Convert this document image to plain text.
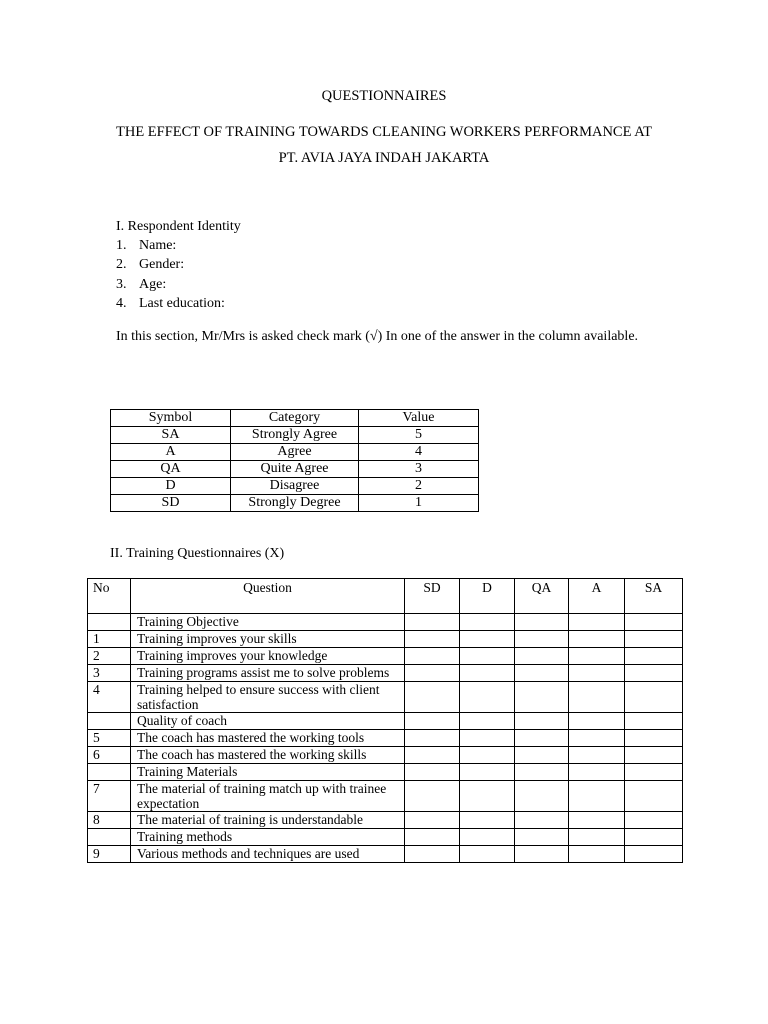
QUESTIONNAIRES
THE EFFECT OF TRAINING TOWARDS CLEANING WORKERS PERFORMANCE AT
PT. AVIA JAYA INDAH JAKARTA
I. Respondent Identity
1. Name:
2. Gender:
3. Age:
4. Last education:
In this section, Mr/Mrs is asked check mark (√) In one of the answer in the column available.
Symbol	Category	Value
SA	Strongly Agree	5
A	Agree	4
QA	Quite Agree	3
D	Disagree	2
SD	Strongly Degree	1
II. Training Questionnaires (X)
No	Question	SD	D	QA	A	SA
	Training Objective					
1	Training improves your skills					
2	Training improves your knowledge					
3	Training programs assist me to solve problems					
4	Training helped to ensure success with client satisfaction					
	Quality of coach					
5	The coach has mastered the working tools					
6	The coach has mastered the working skills					
	Training Materials					
7	The material of training match up with trainee expectation					
8	The material of training is understandable					
	Training methods					
9	Various methods and techniques are used					
